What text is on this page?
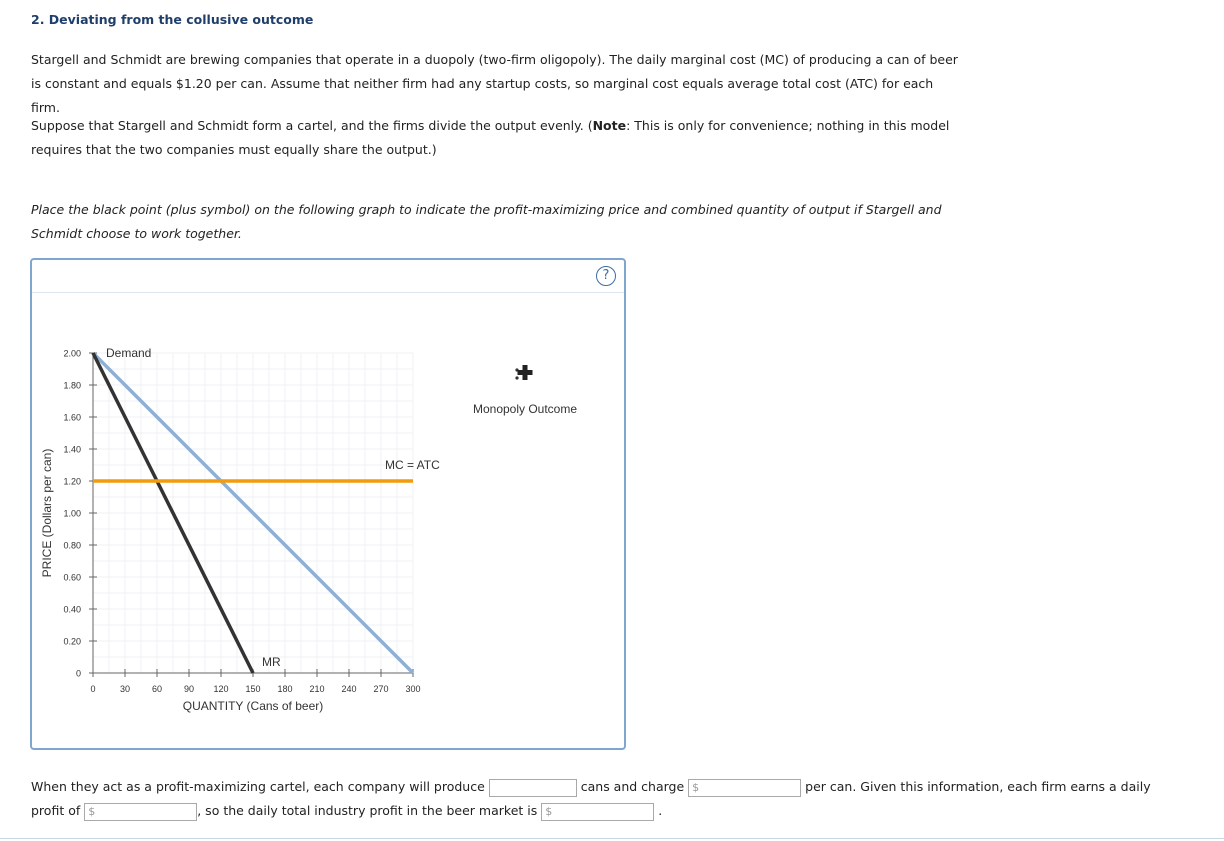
2. Deviating from the collusive outcome
Stargell and Schmidt are brewing companies that operate in a duopoly (two-firm oligopoly). The daily marginal cost (MC) of producing a can of beer is constant and equals $1.20 per can. Assume that neither firm had any startup costs, so marginal cost equals average total cost (ATC) for each firm.
Suppose that Stargell and Schmidt form a cartel, and the firms divide the output evenly. (Note: This is only for convenience; nothing in this model requires that the two companies must equally share the output.)
Place the black point (plus symbol) on the following graph to indicate the profit-maximizing price and combined quantity of output if Stargell and Schmidt choose to work together.
?
0
0.20
0.40
0.60
0.80
1.00
1.20
1.40
1.60
1.80
2.00
0	30 60 90 120 150 180 210 240 270 300
Demand
MR
MC = ATC
QUANTITY (Cans of beer)
PRICE (Dollars per can)
Monopoly Outcome
When they act as a profit-maximizing cartel, each company will produce	cans and charge $	per can. Given this information, each firm earns a daily profit of $	, so the daily total industry profit in the beer market is $	.
